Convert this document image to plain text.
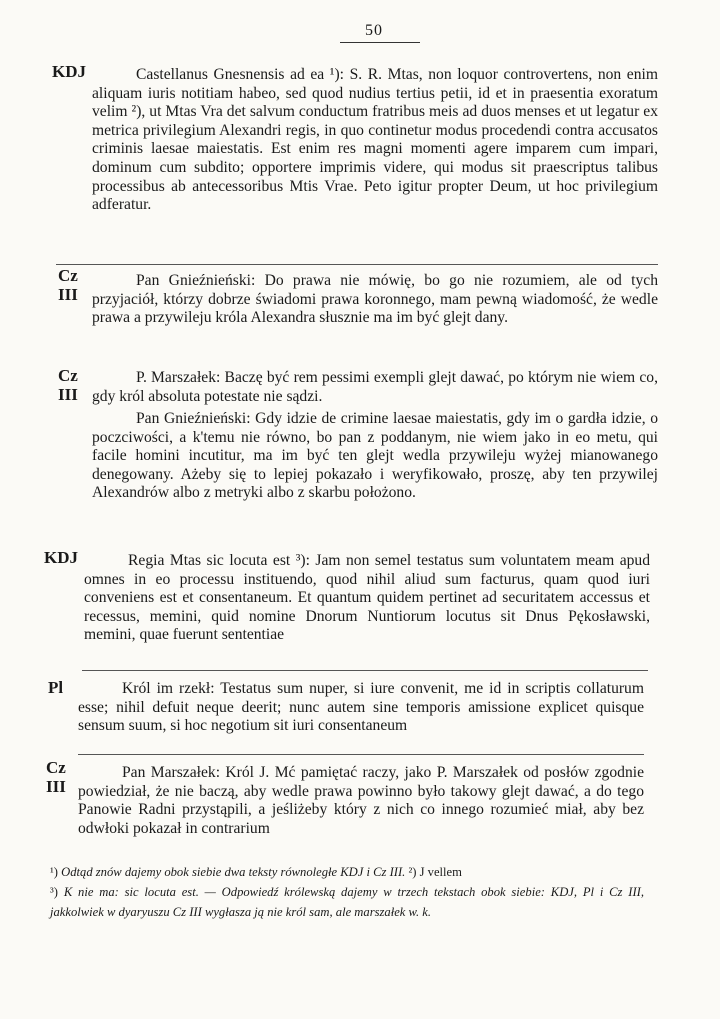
50
KDJ	Castellanus Gnesnensis ad ea ¹): S. R. Mtas, non loquor controvertens, non enim aliquam iuris notitiam habeo, sed quod nudius tertius petii, id et in praesentia exoratum velim ²), ut Mtas Vra det salvum conductum fratribus meis ad duos menses et ut legatur ex metrica privilegium Alexandri regis, in quo continetur modus procedendi contra accusatos criminis laesae maiestatis. Est enim res magni momenti agere imparem cum impari, dominum cum subdito; opportere imprimis videre, qui modus sit praescriptus talibus processibus ab antecessoribus Mtis Vrae. Peto igitur propter Deum, ut hoc privilegium adferatur.
Cz III
Pan Gnieźnieński: Do prawa nie mówię, bo go nie rozumiem, ale od tych przyjaciół, którzy dobrze świadomi prawa koronnego, mam pewną wiadomość, że wedle prawa a przywileju króla Alexandra słusznie ma im być glejt dany.
Cz III
P. Marszałek: Baczę być rem pessimi exempli glejt dawać, po którym nie wiem co, gdy król absoluta potestate nie sądzi.
Pan Gnieźnieński: Gdy idzie de crimine laesae maiestatis, gdy im o gardła idzie, o poczciwości, a k'temu nie równo, bo pan z poddanym, nie wiem jako in eo metu, qui facile homini incutitur, ma im być ten glejt wedla przywileju wyżej mianowanego denegowany. Ażeby się to lepiej pokazało i weryfikowało, proszę, aby ten przywilej Alexandrów albo z metryki albo z skarbu położono.
KDJ	Regia Mtas sic locuta est ³): Jam non semel testatus sum voluntatem meam apud omnes in eo processu instituendo, quod nihil aliud sum facturus, quam quod iuri conveniens est et consentaneum. Et quantum quidem pertinet ad securitatem accessus et recessus, memini, quid nomine Dnorum Nuntiorum locutus sit Dnus Pękosławski, memini, quae fuerunt sententiae
Pl	Król im rzekł: Testatus sum nuper, si iure convenit, me id in scriptis collaturum esse; nihil defuit neque deerit; nunc autem sine temporis amissione explicet quisque sensum suum, si hoc negotium sit iuri consentaneum
Cz III
Pan Marszałek: Król J. Mć pamiętać raczy, jako P. Marszałek od posłów zgodnie powiedział, że nie baczą, aby wedle prawa powinno było takowy glejt dawać, a do tego Panowie Radni przystąpili, a jeśliżeby który z nich co innego rozumieć miał, aby bez odwłoki pokazał in contrarium
¹) Odtąd znów dajemy obok siebie dwa teksty równoległe KDJ i Cz III. ²) J vellem
³) K nie ma: sic locuta est. — Odpowiedź królewską dajemy w trzech tekstach obok siebie: KDJ, Pl i Cz III, jakkolwiek w dyaryuszu Cz III wygłasza ją nie król sam, ale marszałek w. k.
